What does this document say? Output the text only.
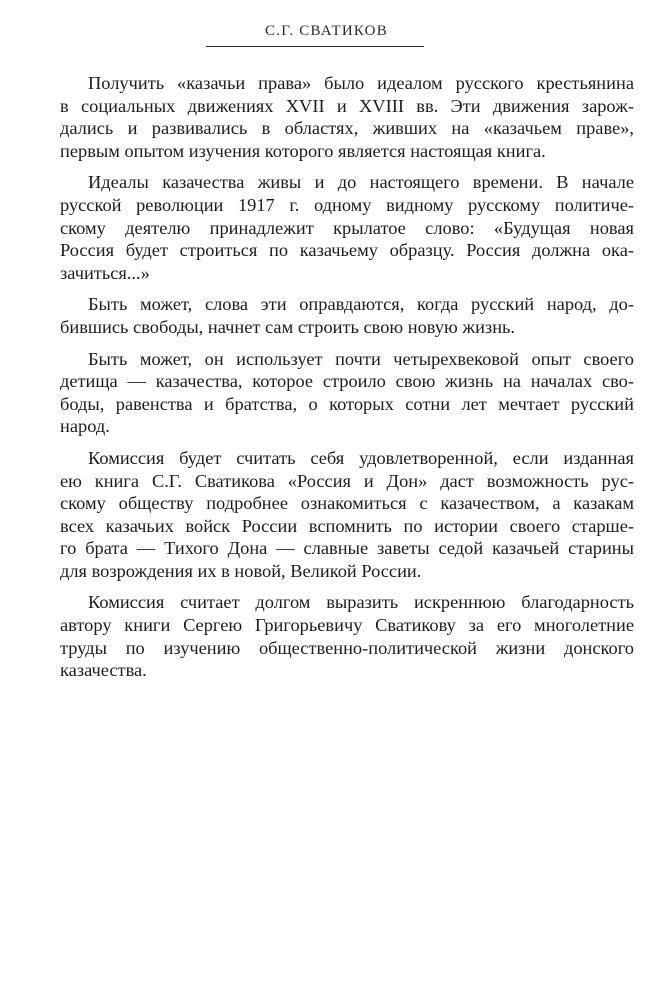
С.Г. СВАТИКОВ
Получить «казачьи права» было идеалом русского крестьянина
в социальных движениях XVII и XVIII вв. Эти движения зарож-
дались и развивались в областях, живших на «казачьем праве»,
первым опытом изучения которого является настоящая книга.
Идеалы казачества живы и до настоящего времени. В начале
русской революции 1917 г. одному видному русскому политиче-
скому деятелю принадлежит крылатое слово: «Будущая новая
Россия будет строиться по казачьему образцу. Россия должна ока-
зачиться...»
Быть может, слова эти оправдаются, когда русский народ, до-
бившись свободы, начнет сам строить свою новую жизнь.
Быть может, он использует почти четырехвековой опыт своего
детища — казачества, которое строило свою жизнь на началах сво-
боды, равенства и братства, о которых сотни лет мечтает русский
народ.
Комиссия будет считать себя удовлетворенной, если изданная
ею книга С.Г. Сватикова «Россия и Дон» даст возможность рус-
скому обществу подробнее ознакомиться с казачеством, а казакам
всех казачьих войск России вспомнить по истории своего старше-
го брата — Тихого Дона — славные заветы седой казачьей старины
для возрождения их в новой, Великой России.
Комиссия считает долгом выразить искреннюю благодарность
автору книги Сергею Григорьевичу Сватикову за его многолетние
труды по изучению общественно-политической жизни донского
казачества.
